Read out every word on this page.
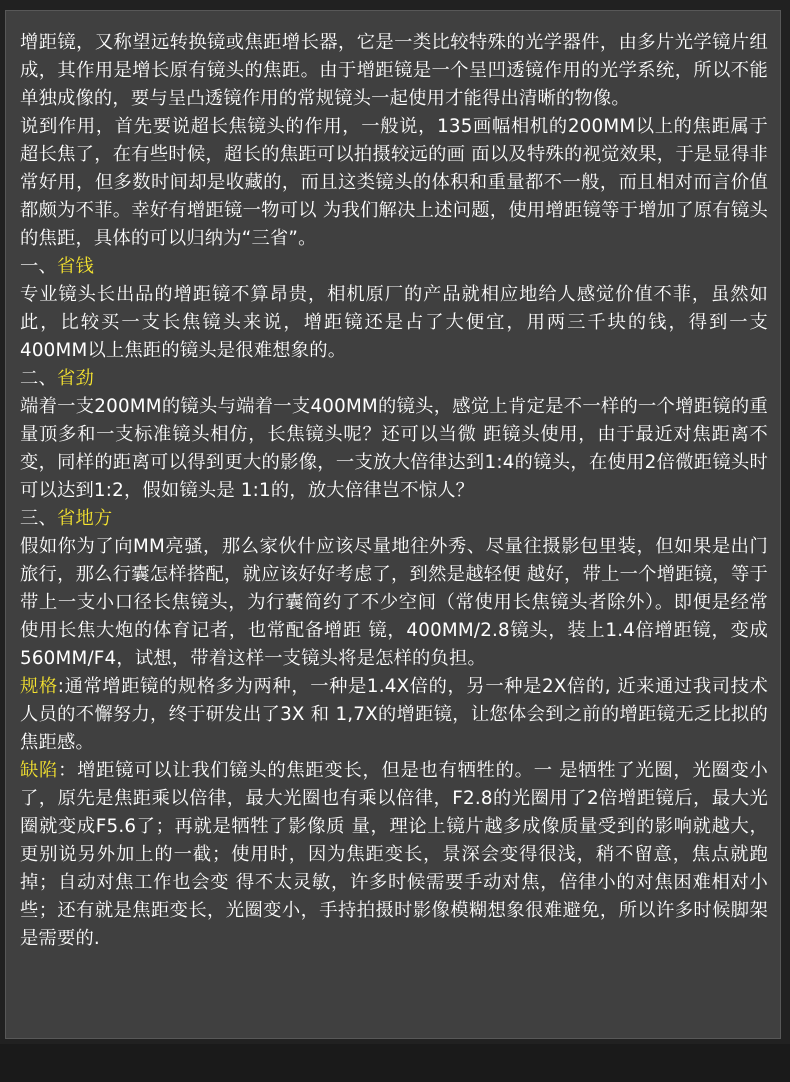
增距镜，又称望远转换镜或焦距增长器，它是一类比较特殊的光学器件，由多片光学镜片组成，其作用是增长原有镜头的焦距。由于增距镜是一个呈凹透镜作用的光学系统，所以不能单独成像的，要与呈凸透镜作用的常规镜头一起使用才能得出清晰的物像。

说到作用，首先要说超长焦镜头的作用，一般说，135画幅相机的200MM以上的焦距属于超长焦了，在有些时候，超长的焦距可以拍摄较远的画 面以及特殊的视觉效果，于是显得非常好用，但多数时间却是收藏的，而且这类镜头的体积和重量都不一般，而且相对而言价值都颇为不菲。幸好有增距镜一物可以 为我们解决上述问题，使用增距镜等于增加了原有镜头的焦距，具体的可以归纳为“三省”。

一、省钱

专业镜头长出品的增距镜不算昂贵，相机原厂的产品就相应地给人感觉价值不菲，虽然如此，比较买一支长焦镜头来说，增距镜还是占了大便宜，用两三千块的钱，得到一支400MM以上焦距的镜头是很难想象的。

二、省劲

端着一支200MM的镜头与端着一支400MM的镜头，感觉上肯定是不一样的一个增距镜的重量顶多和一支标准镜头相仿，长焦镜头呢？还可以当微 距镜头使用，由于最近对焦距离不变，同样的距离可以得到更大的影像，一支放大倍律达到1:4的镜头，在使用2倍微距镜头时可以达到1:2，假如镜头是 1:1的，放大倍律岂不惊人？

三、省地方

假如你为了向MM亮骚，那么家伙什应该尽量地往外秀、尽量往摄影包里装，但如果是出门旅行，那么行囊怎样搭配，就应该好好考虑了，到然是越轻便 越好，带上一个增距镜，等于带上一支小口径长焦镜头，为行囊简约了不少空间（常使用长焦镜头者除外）。即便是经常使用长焦大炮的体育记者，也常配备增距 镜，400MM/2.8镜头，装上1.4倍增距镜，变成560MM/F4，试想，带着这样一支镜头将是怎样的负担。

规格:通常增距镜的规格多为两种，一种是1.4X倍的，另一种是2X倍的, 近来通过我司技术人员的不懈努力，终于研发出了3X 和 1,7X的增距镜，让您体会到之前的增距镜无乏比拟的焦距感。

缺陷：增距镜可以让我们镜头的焦距变长，但是也有牺牲的。一 是牺牲了光圈，光圈变小了，原先是焦距乘以倍律，最大光圈也有乘以倍律，F2.8的光圈用了2倍增距镜后，最大光圈就变成F5.6了；再就是牺牲了影像质 量，理论上镜片越多成像质量受到的影响就越大，更别说另外加上的一截；使用时，因为焦距变长，景深会变得很浅，稍不留意，焦点就跑掉；自动对焦工作也会变 得不太灵敏，许多时候需要手动对焦，倍律小的对焦困难相对小些；还有就是焦距变长，光圈变小，手持拍摄时影像模糊想象很难避免，所以许多时候脚架是需要的.
